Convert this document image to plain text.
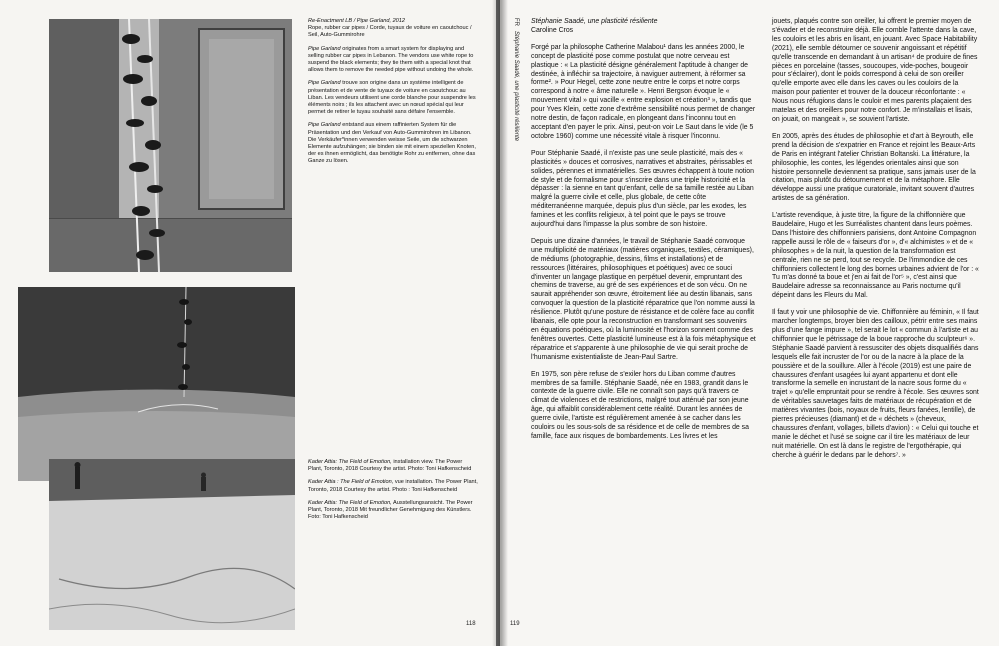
Re-Enactment LB / Pipe Garland, 2012
Rope, rubber car pipes / Corde, tuyaux de voiture en caoutchouc / Seil, Auto-Gummirohre
Pipe Garland originates from a smart system for displaying and selling rubber car pipes in Lebanon. The vendors use white rope to suspend the black elements; they tie them with a special knot that allows them to remove the needed pipe without undoing the whole.
Pipe Garland trouve son origine dans un système intelligent de présentation et de vente de tuyaux de voiture en caoutchouc au Liban. Les vendeurs utilisent une corde blanche pour suspendre les éléments noirs ; ils les attachent avec un nœud spécial qui leur permet de retirer le tuyau souhaité sans défaire l'ensemble.
Pipe Garland entstand aus einem raffinierten System für die Präsentation und den Verkauf von Auto-Gummirohren im Libanon. Die Verkäufer*innen verwenden weisse Seile, um die schwarzen Elemente aufzuhängen; sie binden sie mit einem speziellen Knoten, der es ihnen ermöglicht, das benötigte Rohr zu entfernen, ohne das Ganze zu lösen.
Kader Attia: The Field of Emotion, installation view. The Power Plant, Toronto, 2018 Courtesy the artist. Photo: Toni Hafkenscheid
Kader Attia : The Field of Emotion, vue installation. The Power Plant, Toronto, 2018 Courtesy the artist. Photo : Toni Hafkenscheid
Kader Attia: The Field of Emotion, Ausstellungsansicht. The Power Plant, Toronto, 2018 Mit freundlicher Genehmigung des Künstlers. Foto: Toni Hafkenscheid
118
FR   Stéphanie Saadé, une plasticité résiliente
Stéphanie Saadé, une plasticité résiliente
Caroline Cros

Forgé par la philosophe Catherine Malabou¹ dans les années 2000, le concept de plasticité pose comme postulat que notre cerveau est plastique : « La plasticité désigne généralement l'aptitude à changer de destinée, à infléchir sa trajectoire, à naviguer autrement, à réformer sa forme². » Pour Hegel, cette zone neutre entre le corps et notre corps correspond à notre « âme naturelle ». Henri Bergson évoque le « mouvement vital » qui vacille « entre explosion et création³ », tandis que pour Yves Klein, cette zone d'extrême sensibilité nous permet de changer notre destin, de façon radicale, en plongeant dans l'inconnu tout en acceptant d'en payer le prix. Ainsi, peut-on voir Le Saut dans le vide (le 5 octobre 1960) comme une nécessité vitale à risquer l'inconnu.

Pour Stéphanie Saadé, il n'existe pas une seule plasticité, mais des « plasticités » douces et corrosives, narratives et abstraites, périssables et solides, pérennes et immatérielles. Ses œuvres échappent à toute notion de style et de formalisme pour s'inscrire dans une triple historicité et la dépasser : la sienne en tant qu'enfant, celle de sa famille restée au Liban malgré la guerre civile et celle, plus globale, de cette côte méditerranéenne marquée, depuis plus d'un siècle, par les exodes, les famines et les conflits religieux, à tel point que le pays se trouve aujourd'hui dans l'impasse la plus sombre de son histoire.

Depuis une dizaine d'années, le travail de Stéphanie Saadé convoque une multiplicité de matériaux (matières organiques, textiles, céramiques), de médiums (photographie, dessins, films et installations) et de ressources (littéraires, philosophiques et poétiques) avec ce souci d'inventer un langage plastique en perpétuel devenir, empruntant des chemins de traverse, au gré de ses expériences et de son vécu. On ne saurait appréhender son œuvre, étroitement liée au destin libanais, sans convoquer la question de la plasticité réparatrice que l'on nomme aussi la résilience. Plutôt qu'une posture de résistance et de colère face au conflit libanais, elle opte pour la reconstruction en transformant ses souvenirs en équations poétiques, où la luminosité et l'horizon sonnent comme des fenêtres ouvertes. Cette plasticité lumineuse est à la fois métaphysique et réparatrice et s'apparente à une philosophie de vie qui serait proche de l'humanisme existentialiste de Jean-Paul Sartre.

En 1975, son père refuse de s'exiler hors du Liban comme d'autres membres de sa famille. Stéphanie Saadé, née en 1983, grandit dans le contexte de la guerre civile. Elle ne connaît son pays qu'à travers ce climat de violences et de restrictions, malgré tout atténué par son jeune âge, qui affaiblit considérablement cette réalité. Durant les années de guerre civile, l'artiste est régulièrement amenée à se cacher dans les couloirs ou les sous-sols de sa résidence et de celle de membres de sa famille, face aux risques de bombardements. Les livres et les

jouets, plaqués contre son oreiller, lui offrent le premier moyen de s'évader et de reconstruire déjà. Elle comble l'attente dans la cave, les couloirs et les abris en lisant, en jouant. Avec Space Habitability (2021), elle semble détourner ce souvenir angoissant et répétitif qu'elle transcende en demandant à un artisan⁴ de produire de fines pièces en porcelaine (tasses, soucoupes, vide-poches, bougeoir pour s'éclairer), dont le poids correspond à celui de son oreiller qu'elle emporte avec elle dans les caves ou les couloirs de la maison pour patienter et trouver de la douceur réconfortante : « Nous nous réfugions dans le couloir et mes parents plaçaient des matelas et des oreillers pour notre confort. Je m'installais et lisais, on jouait, on mangeait », se souvient l'artiste.

En 2005, après des études de philosophie et d'art à Beyrouth, elle prend la décision de s'expatrier en France et rejoint les Beaux-Arts de Paris en intégrant l'atelier Christian Boltanski. La littérature, la philosophie, les contes, les légendes orientales ainsi que son histoire personnelle deviennent sa pratique, sans jamais user de la citation, mais plutôt du détournement et de la métaphore. Elle développe aussi une pratique curatoriale, invitant souvent d'autres artistes de sa génération.

L'artiste revendique, à juste titre, la figure de la chiffonnière que Baudelaire, Hugo et les Surréalistes chantent dans leurs poèmes. Dans l'histoire des chiffonniers parisiens, dont Antoine Compagnon rappelle aussi le rôle de « faiseurs d'or », d'« alchimistes » et de « philosophes » de la nuit, la question de la transformation est centrale, rien ne se perd, tout se recycle. De l'immondice de ces chiffonniers collectent le long des bornes urbaines advient de l'or : « Tu m'as donné ta boue et j'en ai fait de l'or⁵ », c'est ainsi que Baudelaire adresse sa reconnaissance au Paris nocturne qu'il dépeint dans les Fleurs du Mal.

Il faut y voir une philosophie de vie. Chiffonnière au féminin, « Il faut marcher longtemps, broyer bien des cailloux, pétrir entre ses mains plus d'une fange impure », tel serait le lot « commun à l'artiste et au chiffonnier que le pétrissage de la boue rapproche du sculpteur⁶ ». Stéphanie Saadé parvient à ressusciter des objets disqualifiés dans lesquels elle fait incruster de l'or ou de la nacre à la place de la poussière et de la souillure. Aller à l'école (2019) est une paire de chaussures d'enfant usagées lui ayant appartenu et dont elle transforme la semelle en incrustant de la nacre sous forme du « trajet » qu'elle empruntait pour se rendre à l'école. Ses œuvres sont de véritables sauvetages faits de matériaux de récupération et de matières vivantes (bois, noyaux de fruits, fleurs fanées, lentille), de pierres précieuses (diamant) et de « déchets » (cheveux, chaussures d'enfant, vollages, billets d'avion) : « Celui qui touche et manie le déchet et l'usé se soigne car il tire les matériaux de leur nuit matérielle. On est là dans le registre de l'ergothérapie, qui cherche à guérir le dedans par le dehors⁷. »

119
